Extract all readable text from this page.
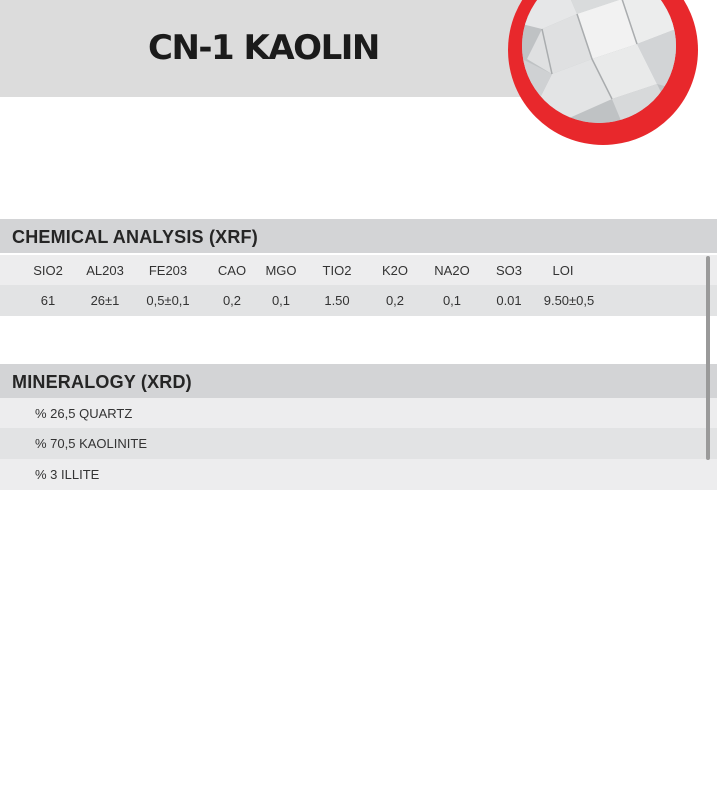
CN-1 KAOLIN
CHEMICAL ANALYSIS (XRF)
SIO2	AL203	FE203	CAO	MGO	TIO2	K2O	NA2O	SO3	LOI
61	26±1	0,5±0,1	0,2	0,1	1.50	0,2	0,1	0.01	9.50±0,5
MINERALOGY (XRD)
% 26,5 QUARTZ
% 70,5 KAOLINITE
% 3 ILLITE
